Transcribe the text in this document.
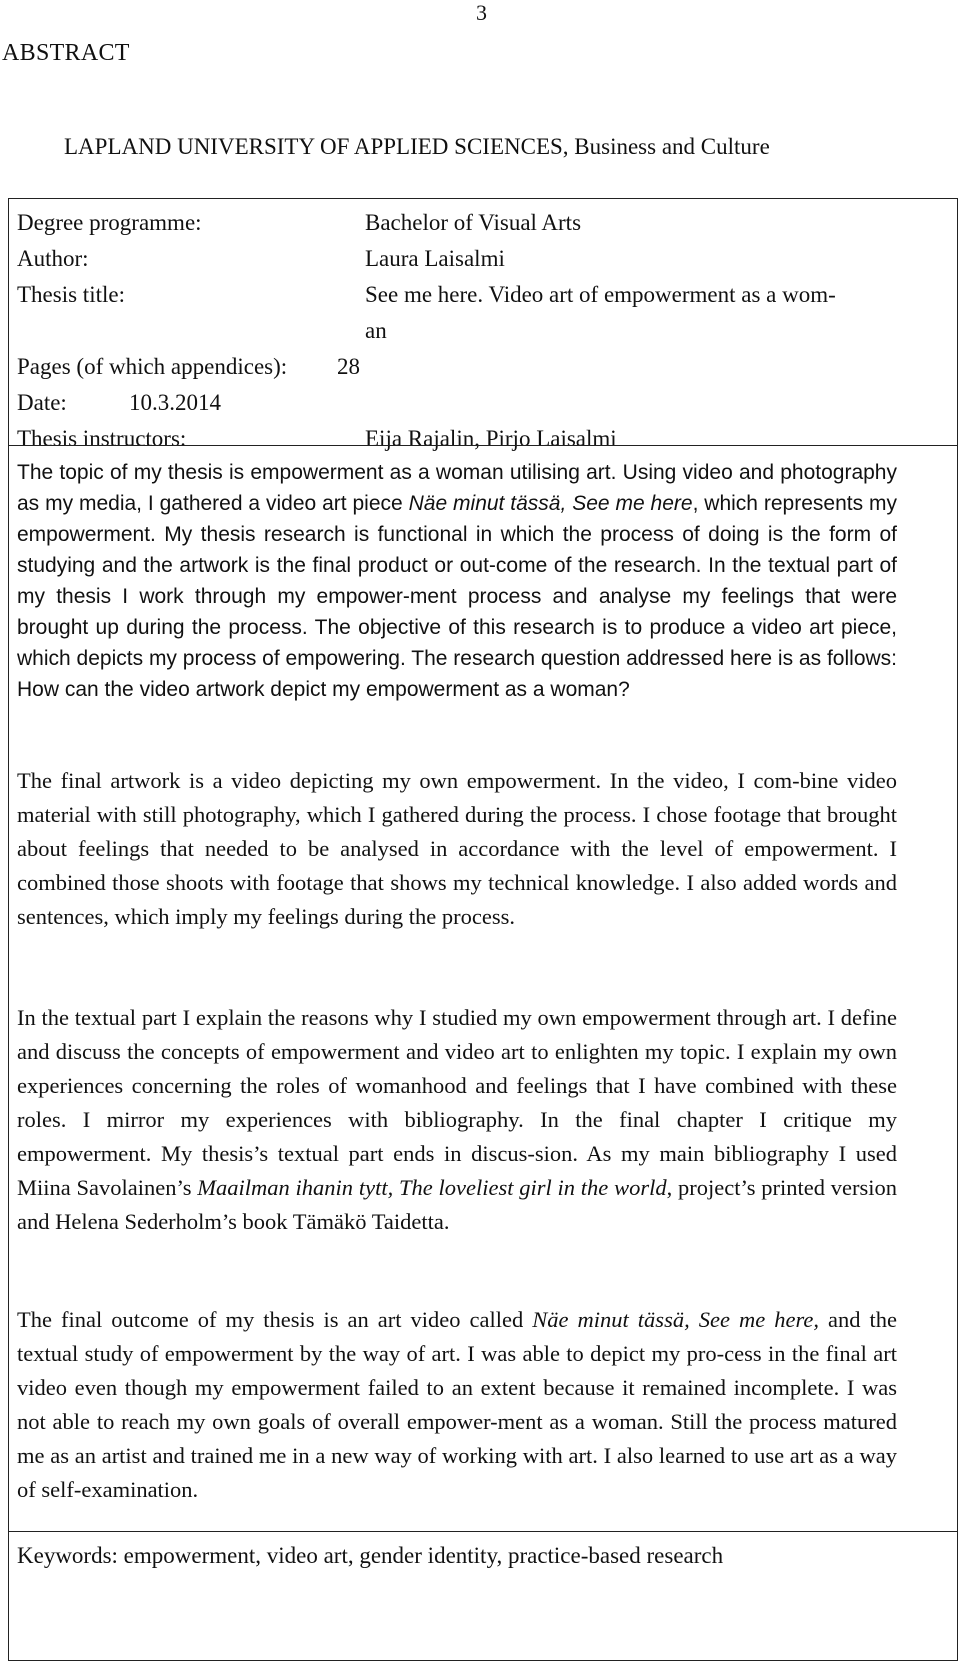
3
ABSTRACT
LAPLAND UNIVERSITY OF APPLIED SCIENCES, Business and Culture
Degree programme:	Bachelor of Visual Arts
Author:	Laura Laisalmi
Thesis title:	See me here. Video art of empowerment as a wom-
an
Pages (of which appendices): 28
Date:	10.3.2014
Thesis instructors:	Eija Rajalin, Pirjo Laisalmi

The topic of my thesis is empowerment as a woman utilising art. Using video and photography as my media, I gathered a video art piece Näe minut tässä, See me here, which represents my empowerment. My thesis research is functional in which the process of doing is the form of studying and the artwork is the final product or out-come of the research. In the textual part of my thesis I work through my empower-ment process and analyse my feelings that were brought up during the process. The objective of this research is to produce a video art piece, which depicts my process of empowering. The research question addressed here is as follows: How can the video artwork depict my empowerment as a woman?

The final artwork is a video depicting my own empowerment. In the video, I com-bine video material with still photography, which I gathered during the process. I chose footage that brought about feelings that needed to be analysed in accordance with the level of empowerment. I combined those shoots with footage that shows my technical knowledge. I also added words and sentences, which imply my feelings during the process.

In the textual part I explain the reasons why I studied my own empowerment through art. I define and discuss the concepts of empowerment and video art to enlighten my topic. I explain my own experiences concerning the roles of womanhood and feelings that I have combined with these roles. I mirror my experiences with bibliography. In the final chapter I critique my empowerment. My thesis’s textual part ends in discus-sion. As my main bibliography I used Miina Savolainen’s Maailman ihanin tytt, The loveliest girl in the world, project’s printed version and Helena Sederholm’s book Tämäkö Taidetta.

The final outcome of my thesis is an art video called Näe minut tässä, See me here, and the textual study of empowerment by the way of art. I was able to depict my pro-cess in the final art video even though my empowerment failed to an extent because it remained incomplete. I was not able to reach my own goals of overall empower-ment as a woman. Still the process matured me as an artist and trained me in a new way of working with art. I also learned to use art as a way of self-examination.

Keywords: empowerment, video art, gender identity, practice-based research
